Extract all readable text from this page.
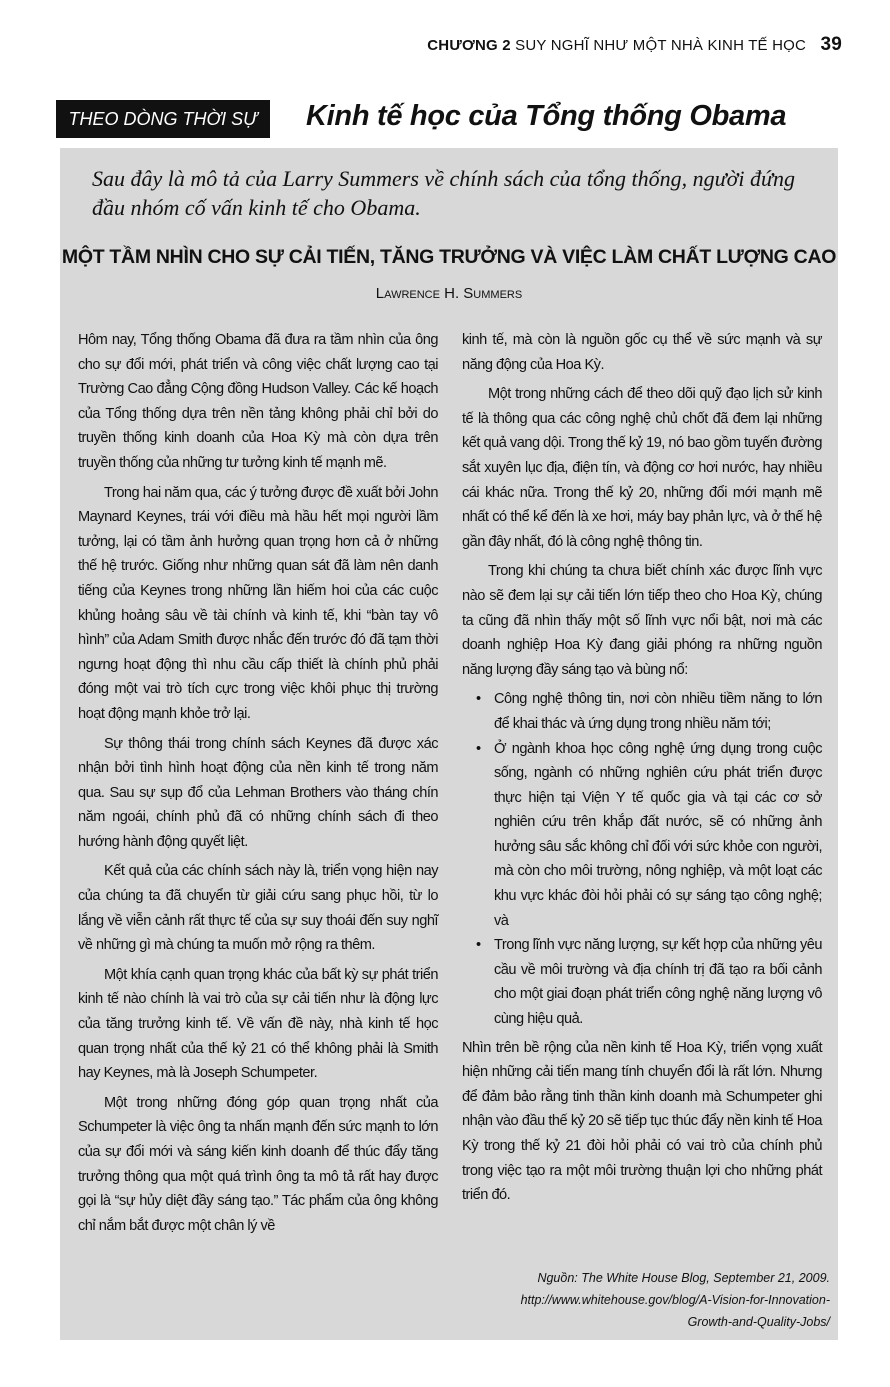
CHƯƠNG 2 SUY NGHĨ NHƯ MỘT NHÀ KINH TẾ HỌC 39
THEO DÒNG THỜI SỰ	Kinh tế học của Tổng thống Obama
Sau đây là mô tả của Larry Summers về chính sách của tổng thống, người đứng đầu nhóm cố vấn kinh tế cho Obama.
MỘT TẦM NHÌN CHO SỰ CẢI TIẾN, TĂNG TRƯỞNG VÀ VIỆC LÀM CHẤT LƯỢNG CAO
Lawrence H. Summers

Hôm nay, Tổng thống Obama đã đưa ra tầm nhìn của ông cho sự đổi mới, phát triển và công việc chất lượng cao tại Trường Cao đẳng Cộng đồng Hudson Valley. Các kế hoạch của Tổng thống dựa trên nền tảng không phải chỉ bởi do truyền thống kinh doanh của Hoa Kỳ mà còn dựa trên truyền thống của những tư tưởng kinh tế mạnh mẽ.

Trong hai năm qua, các ý tưởng được đề xuất bởi John Maynard Keynes, trái với điều mà hầu hết mọi người lầm tưởng, lại có tầm ảnh hưởng quan trọng hơn cả ở những thế hệ trước. Giống như những quan sát đã làm nên danh tiếng của Keynes trong những lần hiếm hoi của các cuộc khủng hoảng sâu về tài chính và kinh tế, khi “bàn tay vô hình” của Adam Smith được nhắc đến trước đó đã tạm thời ngưng hoạt động thì nhu cầu cấp thiết là chính phủ phải đóng một vai trò tích cực trong việc khôi phục thị trường hoạt động mạnh khỏe trở lại.

Sự thông thái trong chính sách Keynes đã được xác nhận bởi tình hình hoạt động của nền kinh tế trong năm qua. Sau sự sụp đổ của Lehman Brothers vào tháng chín năm ngoái, chính phủ đã có những chính sách đi theo hướng hành động quyết liệt.

Kết quả của các chính sách này là, triển vọng hiện nay của chúng ta đã chuyển từ giải cứu sang phục hồi, từ lo lắng về viễn cảnh rất thực tế của sự suy thoái đến suy nghĩ về những gì mà chúng ta muốn mở rộng ra thêm.

Một khía cạnh quan trọng khác của bất kỳ sự phát triển kinh tế nào chính là vai trò của sự cải tiến như là động lực của tăng trưởng kinh tế. Về vấn đề này, nhà kinh tế học quan trọng nhất của thế kỷ 21 có thể không phải là Smith hay Keynes, mà là Joseph Schumpeter.

Một trong những đóng góp quan trọng nhất của Schumpeter là việc ông ta nhấn mạnh đến sức mạnh to lớn của sự đổi mới và sáng kiến kinh doanh để thúc đẩy tăng trưởng thông qua một quá trình ông ta mô tả rất hay được gọi là “sự hủy diệt đầy sáng tạo.” Tác phẩm của ông không chỉ nắm bắt được một chân lý về

kinh tế, mà còn là nguồn gốc cụ thể về sức mạnh và sự năng động của Hoa Kỳ.

Một trong những cách để theo dõi quỹ đạo lịch sử kinh tế là thông qua các công nghệ chủ chốt đã đem lại những kết quả vang dội. Trong thế kỷ 19, nó bao gồm tuyến đường sắt xuyên lục địa, điện tín, và động cơ hơi nước, hay nhiều cái khác nữa. Trong thế kỷ 20, những đổi mới mạnh mẽ nhất có thể kể đến là xe hơi, máy bay phản lực, và ở thế hệ gần đây nhất, đó là công nghệ thông tin.

Trong khi chúng ta chưa biết chính xác được lĩnh vực nào sẽ đem lại sự cải tiến lớn tiếp theo cho Hoa Kỳ, chúng ta cũng đã nhìn thấy một số lĩnh vực nổi bật, nơi mà các doanh nghiệp Hoa Kỳ đang giải phóng ra những nguồn năng lượng đầy sáng tạo và bùng nổ:

• Công nghệ thông tin, nơi còn nhiều tiềm năng to lớn để khai thác và ứng dụng trong nhiều năm tới;
• Ở ngành khoa học công nghệ ứng dụng trong cuộc sống, ngành có những nghiên cứu phát triển được thực hiện tại Viện Y tế quốc gia và tại các cơ sở nghiên cứu trên khắp đất nước, sẽ có những ảnh hưởng sâu sắc không chỉ đối với sức khỏe con người, mà còn cho môi trường, nông nghiệp, và một loạt các khu vực khác đòi hỏi phải có sự sáng tạo công nghệ; và
• Trong lĩnh vực năng lượng, sự kết hợp của những yêu cầu về môi trường và địa chính trị đã tạo ra bối cảnh cho một giai đoạn phát triển công nghệ năng lượng vô cùng hiệu quả.

Nhìn trên bề rộng của nền kinh tế Hoa Kỳ, triển vọng xuất hiện những cải tiến mang tính chuyển đổi là rất lớn. Nhưng để đảm bảo rằng tinh thần kinh doanh mà Schumpeter ghi nhận vào đầu thế kỷ 20 sẽ tiếp tục thúc đẩy nền kinh tế Hoa Kỳ trong thế kỷ 21 đòi hỏi phải có vai trò của chính phủ trong việc tạo ra một môi trường thuận lợi cho những phát triển đó.

Nguồn: The White House Blog, September 21, 2009.
http://www.whitehouse.gov/blog/A-Vision-for-Innovation-
Growth-and-Quality-Jobs/
